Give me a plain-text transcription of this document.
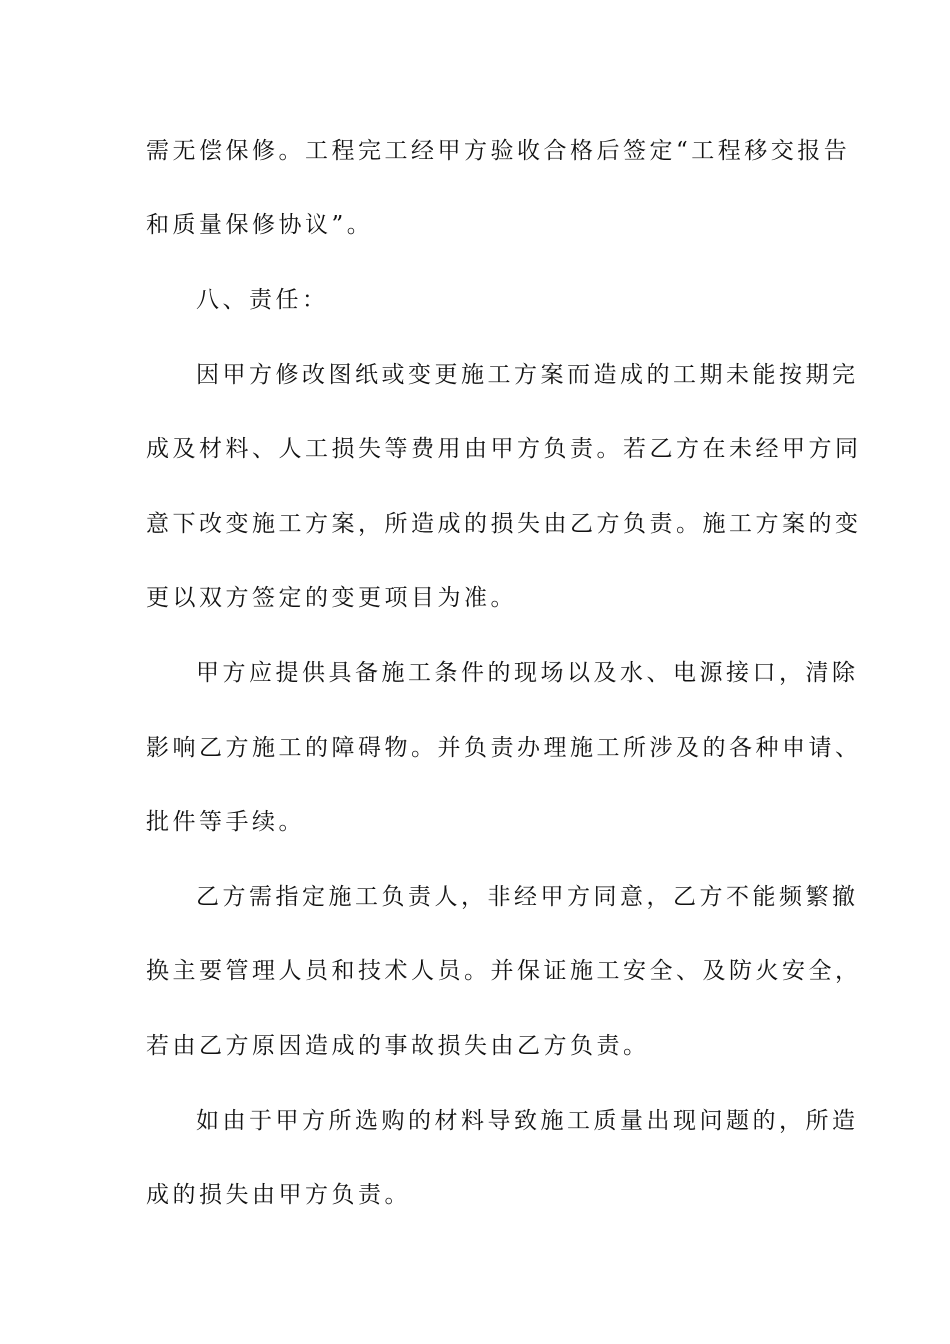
需无偿保修。工程完工经甲方验收合格后签定“工程移交报告
和质量保修协议”。
八、责任：
因甲方修改图纸或变更施工方案而造成的工期未能按期完
成及材料、人工损失等费用由甲方负责。若乙方在未经甲方同
意下改变施工方案，所造成的损失由乙方负责。施工方案的变
更以双方签定的变更项目为准。
甲方应提供具备施工条件的现场以及水、电源接口，清除
影响乙方施工的障碍物。并负责办理施工所涉及的各种申请、
批件等手续。
乙方需指定施工负责人，非经甲方同意，乙方不能频繁撤
换主要管理人员和技术人员。并保证施工安全、及防火安全，
若由乙方原因造成的事故损失由乙方负责。
如由于甲方所选购的材料导致施工质量出现问题的，所造
成的损失由甲方负责。
